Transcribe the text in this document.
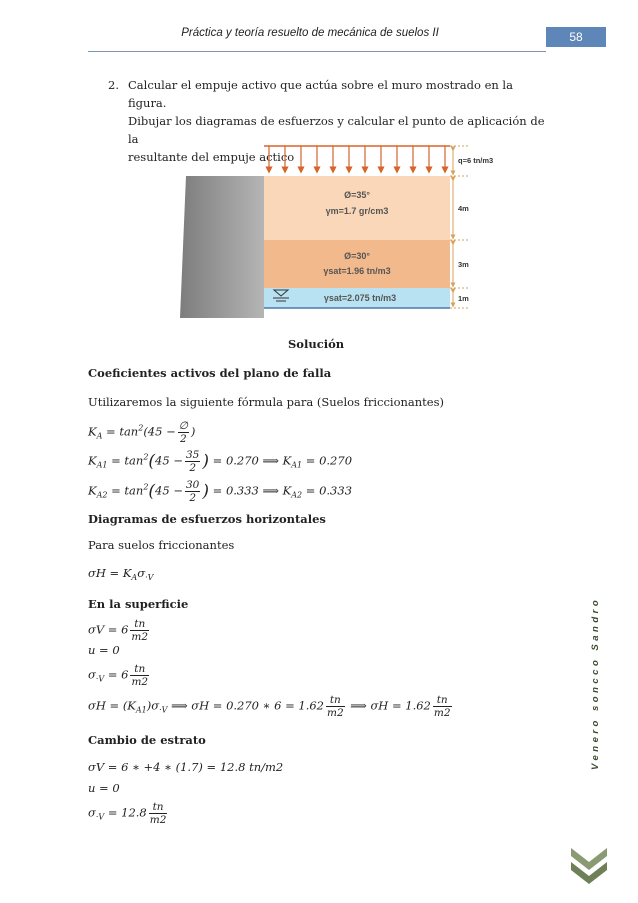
Práctica y teoría resuelto de mecánica de suelos II	58
2. Calcular el empuje activo que actúa sobre el muro mostrado en la figura.
Dibujar los diagramas de esfuerzos y calcular el punto de aplicación de la
resultante del empuje actico	q=6 tn/m3
4m
3m
1m
Ø=35°
γm=1.7 gr/cm3
Ø=30°
γsat=1.96 tn/m3
γsat=2.075 tn/m3
Solución
Coeficientes activos del plano de falla
Utilizaremos la siguiente fórmula para (Suelos friccionantes)
$K_A = \tan^2(45 - \frac{\emptyset}{2}$ )
$K_{A1} = \tan^2(45 - \frac{35}{2}$ ) = 0.270 ⟹ $K_{A1} = 0.270$
$K_{A2} = \tan^2(45 - \frac{30}{2}$ ) = 0.333 ⟹ $K_{A2} = 0.333$
Diagramas de esfuerzos horizontales
Para suelos friccionantes
$\sigma H = K_A\sigma_{\cdot V}$
En la superficie
$\sigma V = 6 \frac{tn}{m2}$
u = 0
$\sigma_{\cdot V} = 6 \frac{tn}{m2}$
$\sigma H = (K_{A1})\sigma_{\cdot V}$ ⟹ σH = 0.270 ∗ $6 = 1.62 \frac{tn}{m2}$ ⟹ $\sigma H = 1.62 \frac{tn}{m2}$
Cambio de estrato
σV = 6 ∗ +4 ∗ (1.7) = 12.8 tn/m2
u = 0
$\sigma_{\cdot V} = 12.8 \frac{tn}{m2}$
Venero soncco Sandro
